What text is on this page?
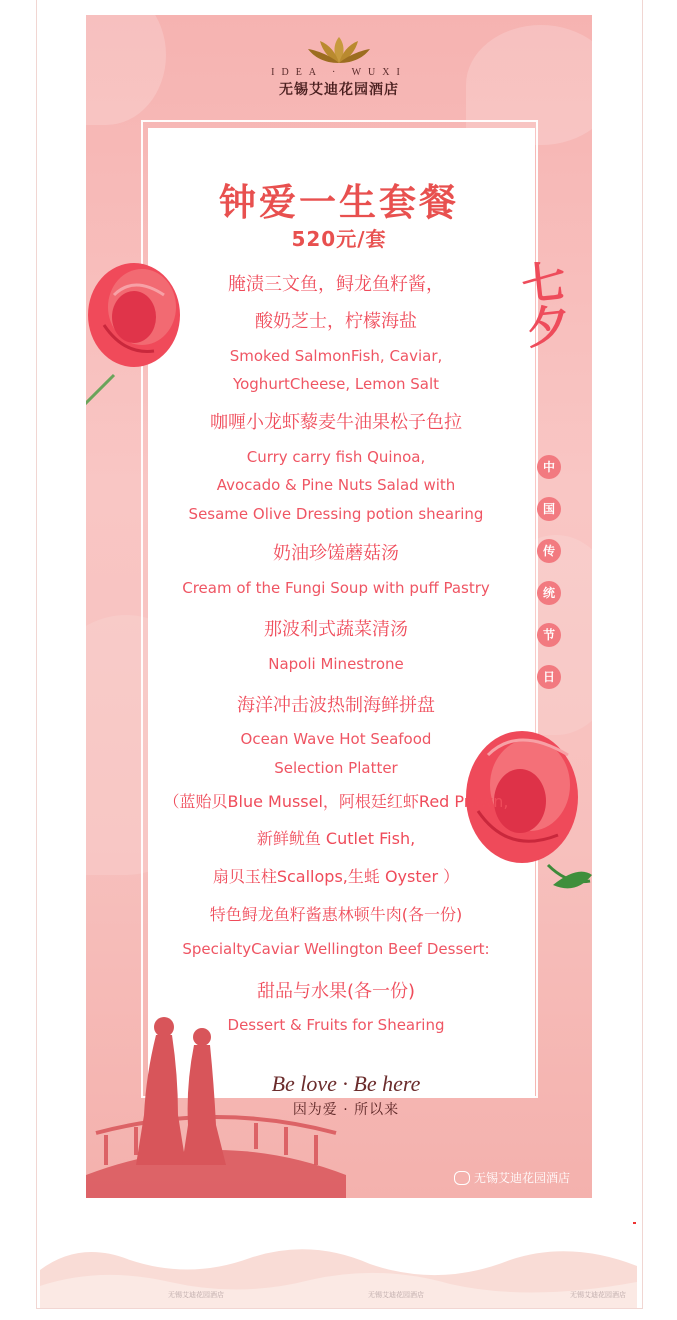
IDEA · WUXI
无锡艾迪花园酒店
中
国
传
统
节
日
七夕
钟爱一生套餐
520元/套
腌渍三文鱼，鲟龙鱼籽酱，
酸奶芝士，柠檬海盐
Smoked SalmonFish, Caviar,
YoghurtCheese, Lemon Salt
咖喱小龙虾藜麦牛油果松子色拉
Curry carry fish Quinoa,
Avocado & Pine Nuts Salad with
Sesame Olive Dressing potion shearing
奶油珍馐蘑菇汤
Cream of the Fungi Soup with puff Pastry
那波利式蔬菜清汤
Napoli Minestrone
海洋冲击波热制海鲜拼盘
Ocean Wave Hot Seafood
Selection Platter
（蓝贻贝Blue Mussel，阿根廷红虾Red Prawn,
新鲜鱿鱼 Cutlet Fish,
扇贝玉柱Scallops,生蚝 Oyster ）
特色鲟龙鱼籽酱惠林顿牛肉(各一份)
SpecialtyCaviar Wellington Beef Dessert:
甜品与水果(各一份)
Dessert & Fruits for Shearing
Be love · Be here
因为爱 · 所以来
无锡艾迪花园酒店
无锡艾迪花园酒店	无锡艾迪花园酒店	无锡艾迪花园酒店
